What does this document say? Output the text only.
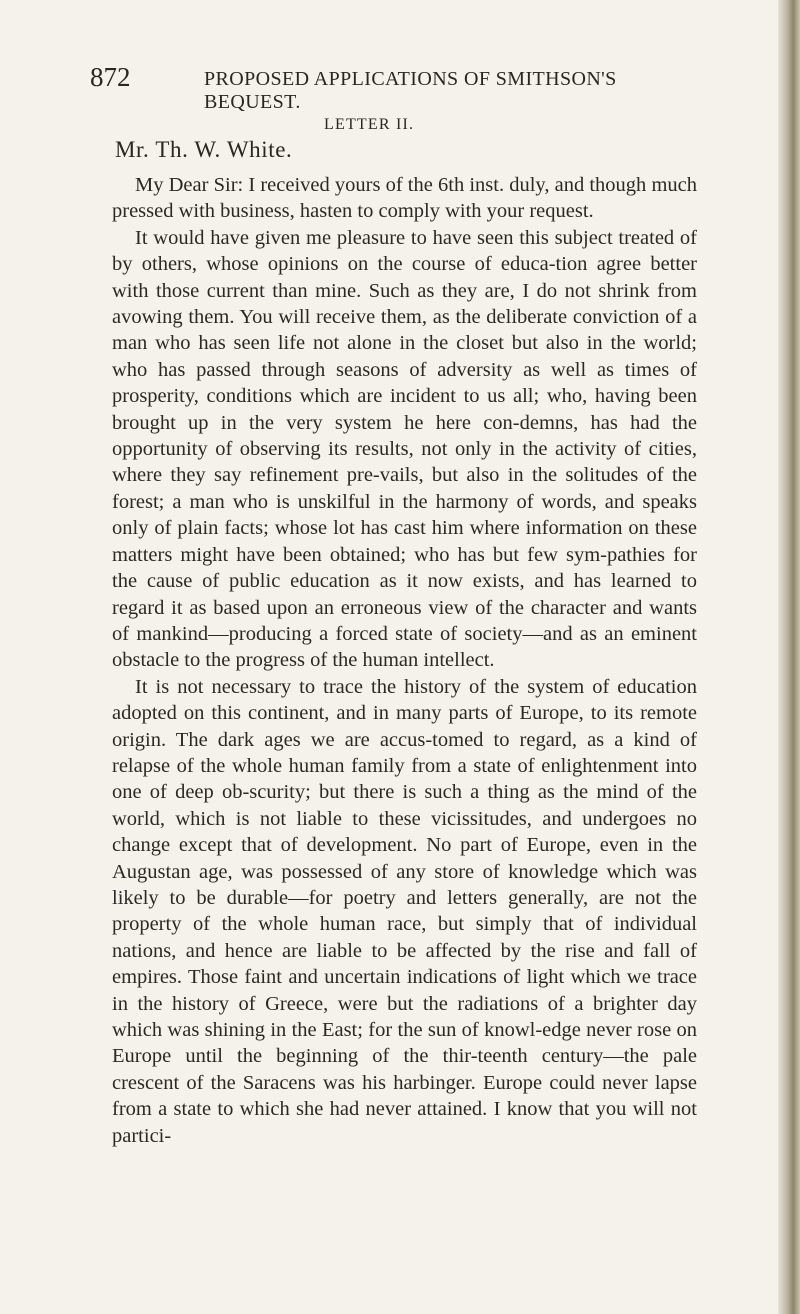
872	PROPOSED APPLICATIONS OF SMITHSON'S BEQUEST.
LETTER II.
Mr. Th. W. White.

My Dear Sir: I received yours of the 6th inst. duly, and though much pressed with business, hasten to comply with your request.

It would have given me pleasure to have seen this subject treated of by others, whose opinions on the course of educa-tion agree better with those current than mine. Such as they are, I do not shrink from avowing them. You will receive them, as the deliberate conviction of a man who has seen life not alone in the closet but also in the world; who has passed through seasons of adversity as well as times of prosperity, conditions which are incident to us all; who, having been brought up in the very system he here con-demns, has had the opportunity of observing its results, not only in the activity of cities, where they say refinement pre-vails, but also in the solitudes of the forest; a man who is unskilful in the harmony of words, and speaks only of plain facts; whose lot has cast him where information on these matters might have been obtained; who has but few sym-pathies for the cause of public education as it now exists, and has learned to regard it as based upon an erroneous view of the character and wants of mankind—producing a forced state of society—and as an eminent obstacle to the progress of the human intellect.

It is not necessary to trace the history of the system of education adopted on this continent, and in many parts of Europe, to its remote origin. The dark ages we are accus-tomed to regard, as a kind of relapse of the whole human family from a state of enlightenment into one of deep ob-scurity; but there is such a thing as the mind of the world, which is not liable to these vicissitudes, and undergoes no change except that of development. No part of Europe, even in the Augustan age, was possessed of any store of knowledge which was likely to be durable—for poetry and letters generally, are not the property of the whole human race, but simply that of individual nations, and hence are liable to be affected by the rise and fall of empires. Those faint and uncertain indications of light which we trace in the history of Greece, were but the radiations of a brighter day which was shining in the East; for the sun of knowl-edge never rose on Europe until the beginning of the thir-teenth century—the pale crescent of the Saracens was his harbinger. Europe could never lapse from a state to which she had never attained. I know that you will not partici-
